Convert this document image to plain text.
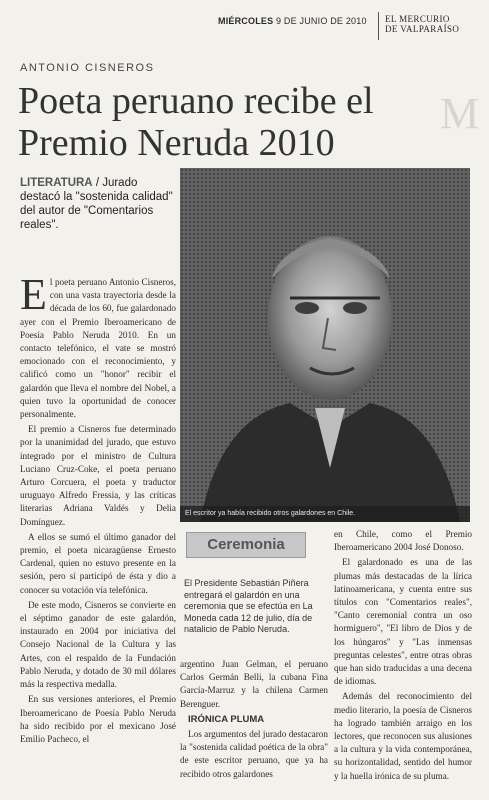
MIÉRCOLES 9 DE JUNIO DE 2010 EL MERCURIO
DE VALPARAÍSO
ANTONIO CISNEROS
Poeta peruano recibe el Premio Neruda 2010
M
LITERATURA / Jurado destacó la "sostenida calidad" del autor de "Comentarios reales".
El escritor ya había recibido otros galardones en Chile.

El poeta peruano Antonio Cisneros, con una vasta trayectoria desde la década de los 60, fue galardonado ayer con el Premio Iberoamericano de Poesía Pablo Neruda 2010. En un contacto telefónico, el vate se mostró emocionado con el reconocimiento, y calificó como un "honor" recibir el galardón que lleva el nombre del Nobel, a quien tuvo la oportunidad de conocer personalmente.

El premio a Cisneros fue determinado por la unanimidad del jurado, que estuvo integrado por el ministro de Cultura Luciano Cruz-Coke, el poeta peruano Arturo Corcuera, el poeta y traductor uruguayo Alfredo Fressia, y las críticas literarias Adriana Valdés y Delia Domínguez.

A ellos se sumó el último ganador del premio, el poeta nicaragüense Ernesto Cardenal, quien no estuvo presente en la sesión, pero sí participó de ésta y dio a conocer su votación vía telefónica.

De este modo, Cisneros se convierte en el séptimo ganador de este galardón, instaurado en 2004 por iniciativa del Consejo Nacional de la Cultura y las Artes, con el respaldo de la Fundación Pablo Neruda, y dotado de 30 mil dólares más la respectiva medalla.

En sus versiones anteriores, el Premio Iberoamericano de Poesía Pablo Neruda ha sido recibido por el mexicano José Emilio Pacheco, el

Ceremonia
El Presidente Sebastián Piñera entregará el galardón en una ceremonia que se efectúa en La Moneda cada 12 de julio, día de natalicio de Pablo Neruda.

argentino Juan Gelman, el peruano Carlos Germán Belli, la cubana Fina García-Marruz y la chilena Carmen Berenguer.

IRÓNICA PLUMA

Los argumentos del jurado destacaron la "sostenida calidad poética de la obra" de este escritor peruano, que ya ha recibido otros galardones

en Chile, como el Premio Iberoamericano 2004 José Donoso.

El galardonado es una de las plumas más destacadas de la lírica latinoamericana, y cuenta entre sus títulos con "Comentarios reales", "Canto ceremonial contra un oso hormiguero", "El libro de Dios y de los húngaros" y "Las inmensas preguntas celestes", entre otras obras que han sido traducidas a una decena de idiomas.

Además del reconocimiento del medio literario, la poesía de Cisneros ha logrado también arraigo en los lectores, que reconocen sus alusiones a la cultura y la vida contemporánea, su horizontalidad, sentido del humor y la huella irónica de su pluma.
